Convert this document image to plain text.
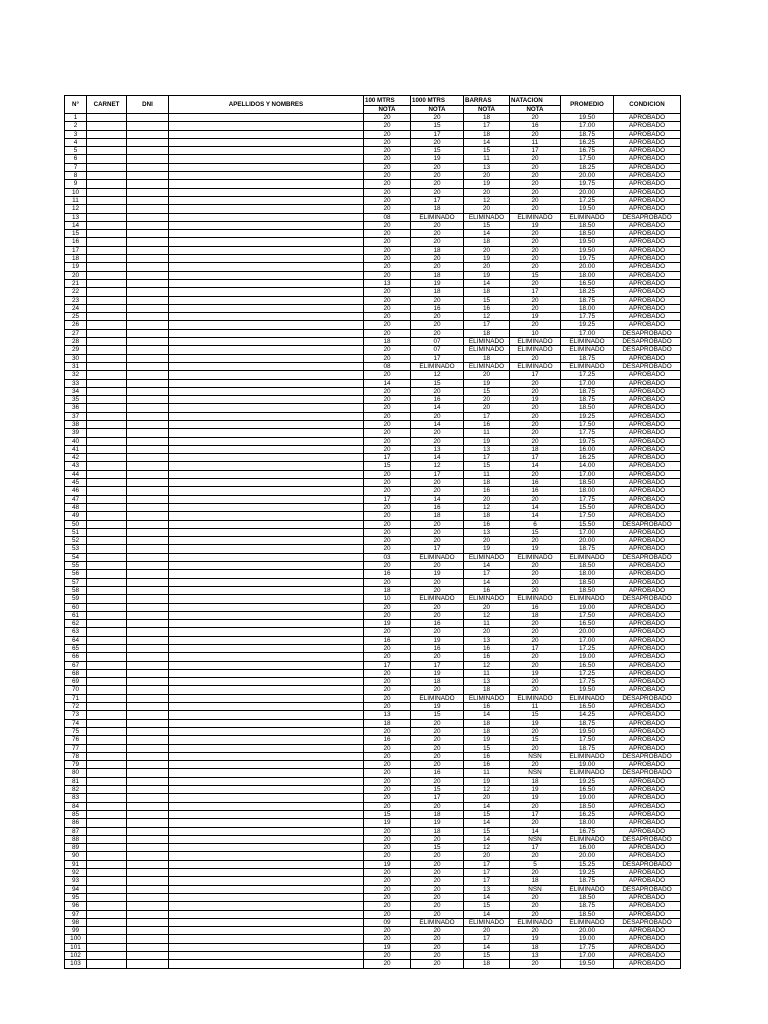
N°	CARNET	DNI	APELLIDOS Y NOMBRES	100 MTRS	1000 MTRS	BARRAS	NATACION	PROMEDIO	CONDICION
				NOTA	NOTA	NOTA	NOTA		
1				20	20	18	20	19.50	APROBADO
2				20	15	17	16	17.00	APROBADO
3				20	17	18	20	18.75	APROBADO
4				20	20	14	11	16.25	APROBADO
5				20	15	15	17	16.75	APROBADO
6				20	19	11	20	17.50	APROBADO
7				20	20	13	20	18.25	APROBADO
8				20	20	20	20	20.00	APROBADO
9				20	20	19	20	19.75	APROBADO
10				20	20	20	20	20.00	APROBADO
11				20	17	12	20	17.25	APROBADO
12				20	18	20	20	19.50	APROBADO
13				08	ELIMINADO	ELIMINADO	ELIMINADO	ELIMINADO	DESAPROBADO
14				20	20	15	19	18.50	APROBADO
15				20	20	14	20	18.50	APROBADO
16				20	20	18	20	19.50	APROBADO
17				20	18	20	20	19.50	APROBADO
18				20	20	19	20	19.75	APROBADO
19				20	20	20	20	20.00	APROBADO
20				20	18	19	15	18.00	APROBADO
21				13	19	14	20	16.50	APROBADO
22				20	18	18	17	18.25	APROBADO
23				20	20	15	20	18.75	APROBADO
24				20	16	16	20	18.00	APROBADO
25				20	20	12	19	17.75	APROBADO
26				20	20	17	20	19.25	APROBADO
27				20	20	18	10	17.00	DESAPROBADO
28				18	07	ELIMINADO	ELIMINADO	ELIMINADO	DESAPROBADO
29				20	07	ELIMINADO	ELIMINADO	ELIMINADO	DESAPROBADO
30				20	17	18	20	18.75	APROBADO
31				08	ELIMINADO	ELIMINADO	ELIMINADO	ELIMINADO	DESAPROBADO
32				20	12	20	17	17.25	APROBADO
33				14	15	19	20	17.00	APROBADO
34				20	20	15	20	18.75	APROBADO
35				20	16	20	19	18.75	APROBADO
36				20	14	20	20	18.50	APROBADO
37				20	20	17	20	19.25	APROBADO
38				20	14	16	20	17.50	APROBADO
39				20	20	11	20	17.75	APROBADO
40				20	20	19	20	19.75	APROBADO
41				20	13	13	18	16.00	APROBADO
42				17	14	17	17	16.25	APROBADO
43				15	12	15	14	14.00	APROBADO
44				20	17	11	20	17.00	APROBADO
45				20	20	18	16	18.50	APROBADO
46				20	20	16	16	18.00	APROBADO
47				17	14	20	20	17.75	APROBADO
48				20	16	12	14	15.50	APROBADO
49				20	18	18	14	17.50	APROBADO
50				20	20	16	6	15.50	DESAPROBADO
51				20	20	13	15	17.00	APROBADO
52				20	20	20	20	20.00	APROBADO
53				20	17	19	19	18.75	APROBADO
54				03	ELIMINADO	ELIMINADO	ELIMINADO	ELIMINADO	DESAPROBADO
55				20	20	14	20	18.50	APROBADO
56				16	19	17	20	18.00	APROBADO
57				20	20	14	20	18.50	APROBADO
58				18	20	16	20	18.50	APROBADO
59				10	ELIMINADO	ELIMINADO	ELIMINADO	ELIMINADO	DESAPROBADO
60				20	20	20	16	19.00	APROBADO
61				20	20	12	18	17.50	APROBADO
62				19	16	11	20	16.50	APROBADO
63				20	20	20	20	20.00	APROBADO
64				16	19	13	20	17.00	APROBADO
65				20	16	16	17	17.25	APROBADO
66				20	20	16	20	19.00	APROBADO
67				17	17	12	20	16.50	APROBADO
68				20	19	11	19	17.25	APROBADO
69				20	18	13	20	17.75	APROBADO
70				20	20	18	20	19.50	APROBADO
71				20	ELIMINADO	ELIMINADO	ELIMINADO	ELIMINADO	DESAPROBADO
72				20	19	16	11	16.50	APROBADO
73				13	15	14	15	14.25	APROBADO
74				18	20	18	19	18.75	APROBADO
75				20	20	18	20	19.50	APROBADO
76				16	20	19	15	17.50	APROBADO
77				20	20	15	20	18.75	APROBADO
78				20	20	16	NSN	ELIMINADO	DESAPROBADO
79				20	20	16	20	19.00	APROBADO
80				20	16	11	NSN	ELIMINADO	DESAPROBADO
81				20	20	19	18	19.25	APROBADO
82				20	15	12	19	16.50	APROBADO
83				20	17	20	19	19.00	APROBADO
84				20	20	14	20	18.50	APROBADO
85				15	18	15	17	16.25	APROBADO
86				19	19	14	20	18.00	APROBADO
87				20	18	15	14	16.75	APROBADO
88				20	20	14	NSN	ELIMINADO	DESAPROBADO
89				20	15	12	17	16.00	APROBADO
90				20	20	20	20	20.00	APROBADO
91				19	20	17	5	15.25	DESAPROBADO
92				20	20	17	20	19.25	APROBADO
93				20	20	17	18	18.75	APROBADO
94				20	20	13	NSN	ELIMINADO	DESAPROBADO
95				20	20	14	20	18.50	APROBADO
96				20	20	15	20	18.75	APROBADO
97				20	20	14	20	18.50	APROBADO
98				09	ELIMINADO	ELIMINADO	ELIMINADO	ELIMINADO	DESAPROBADO
99				20	20	20	20	20.00	APROBADO
100				20	20	17	19	19.00	APROBADO
101				19	20	14	18	17.75	APROBADO
102				20	20	15	13	17.00	APROBADO
103				20	20	18	20	19.50	APROBADO
